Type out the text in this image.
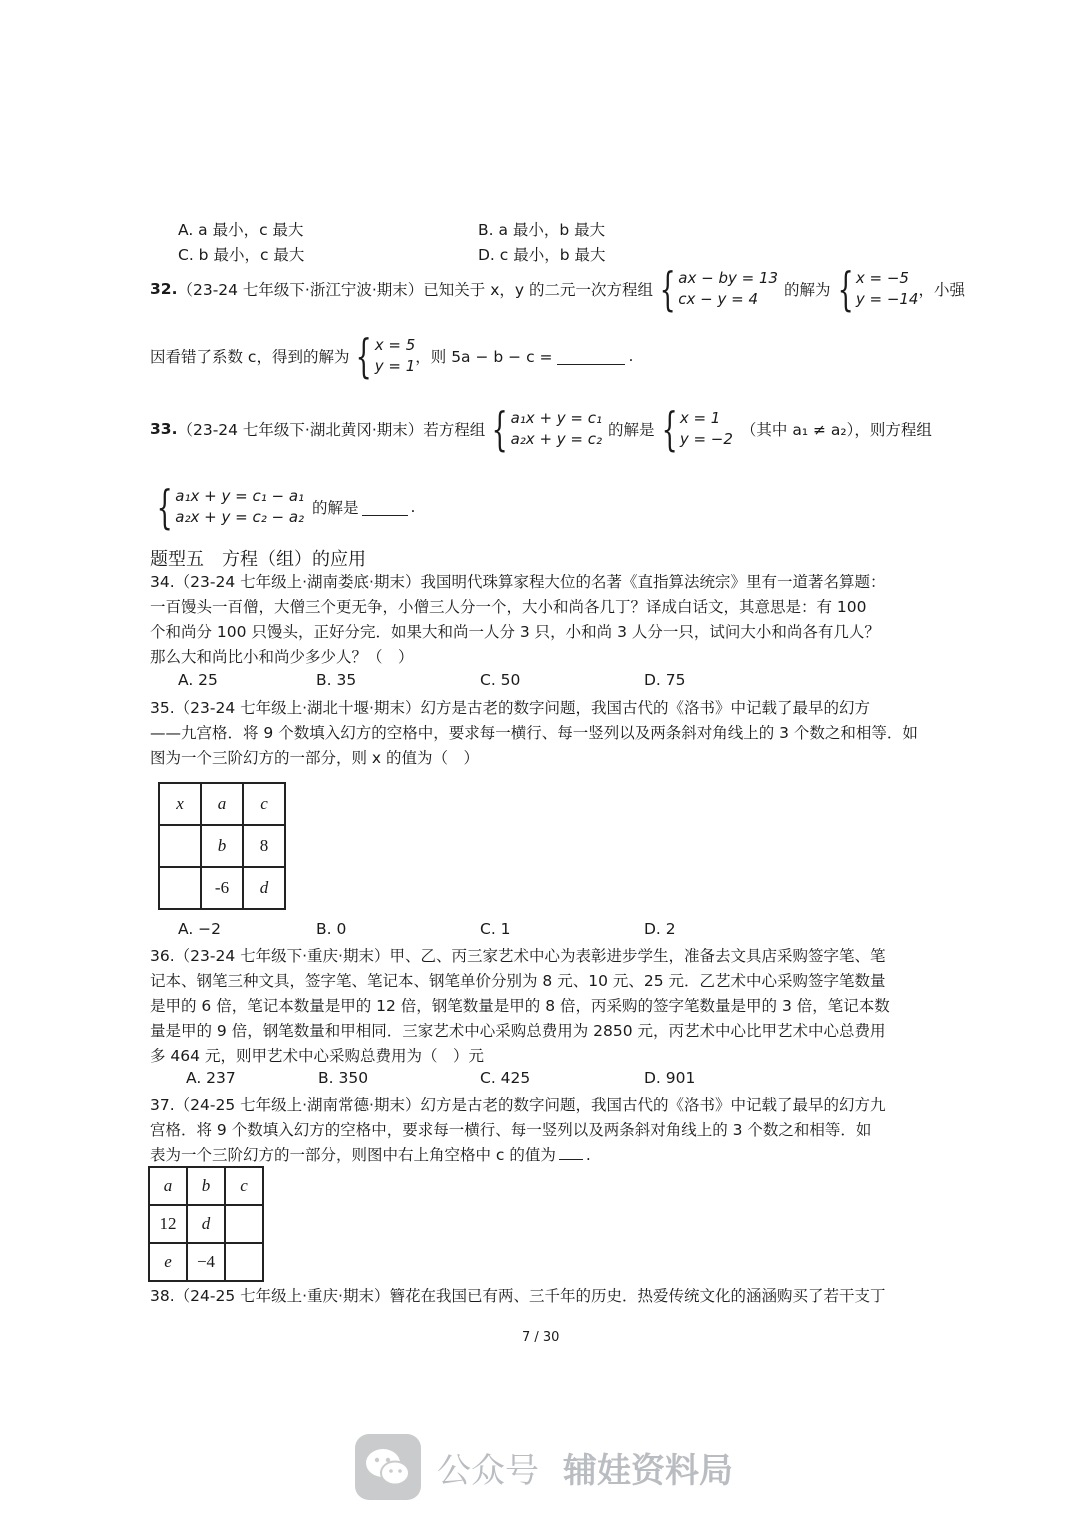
A. a 最小，c 最大	B. a 最小，b 最大
C. b 最小，c 最大	D. c 最小，b 最大
32. （23-24 七年级下·浙江宁波·期末） 已知关于 x，y 的二元一次方程组 { ax − by = 13
cx − y = 4	的解为 { x = −5
y = −14 ，小强
因看错了系数 c，得到的解为 { x = 5
y = 1 ，则 5a − b − c =	.
33. （23-24 七年级下·湖北黄冈·期末） 若方程组 { a₁x + y = c₁
a₂x + y = c₂ 的解是 { x = 1
y = −2 （其中 a₁ ≠ a₂），则方程组
{ a₁x + y = c₁ − a₁
a₂x + y = c₂ − a₂ 的解是	.
题型五　方程（组）的应用
34.（23-24 七年级上·湖南娄底·期末）我国明代珠算家程大位的名著《直指算法统宗》里有一道著名算题：
一百馒头一百僧，大僧三个更无争，小僧三人分一个，大小和尚各几丁？译成白话文，其意思是：有 100
个和尚分 100 只馒头，正好分完．如果大和尚一人分 3 只，小和尚 3 人分一只，试问大小和尚各有几人？
那么大和尚比小和尚少多少人？（　）
A. 25	B. 35	C. 50	D. 75
35.（23-24 七年级上·湖北十堰·期末）幻方是古老的数字问题，我国古代的《洛书》中记载了最早的幻方
——九宫格．将 9 个数填入幻方的空格中，要求每一横行、每一竖列以及两条斜对角线上的 3 个数之和相等．如
图为一个三阶幻方的一部分，则 x 的值为（　）
x	a	c
	b	8
	-6	d
A. −2	B. 0	C. 1	D. 2
36.（23-24 七年级下·重庆·期末）甲、乙、丙三家艺术中心为表彰进步学生，准备去文具店采购签字笔、笔
记本、钢笔三种文具，签字笔、笔记本、钢笔单价分别为 8 元、10 元、25 元．乙艺术中心采购签字笔数量
是甲的 6 倍，笔记本数量是甲的 12 倍，钢笔数量是甲的 8 倍，丙采购的签字笔数量是甲的 3 倍，笔记本数
量是甲的 9 倍，钢笔数量和甲相同．三家艺术中心采购总费用为 2850 元，丙艺术中心比甲艺术中心总费用
多 464 元，则甲艺术中心采购总费用为（　）元
A. 237	B. 350	C. 425	D. 901
37.（24-25 七年级上·湖南常德·期末）幻方是古老的数字问题，我国古代的《洛书》中记载了最早的幻方九
宫格．将 9 个数填入幻方的空格中，要求每一横行、每一竖列以及两条斜对角线上的 3 个数之和相等．如
表为一个三阶幻方的一部分，则图中右上角空格中 c 的值为 .
a	b	c
12	d	
e	−4	
38.（24-25 七年级上·重庆·期末）簪花在我国已有两、三千年的历史．热爱传统文化的涵涵购买了若干支丁
7 / 30
公众号 辅娃资料局
